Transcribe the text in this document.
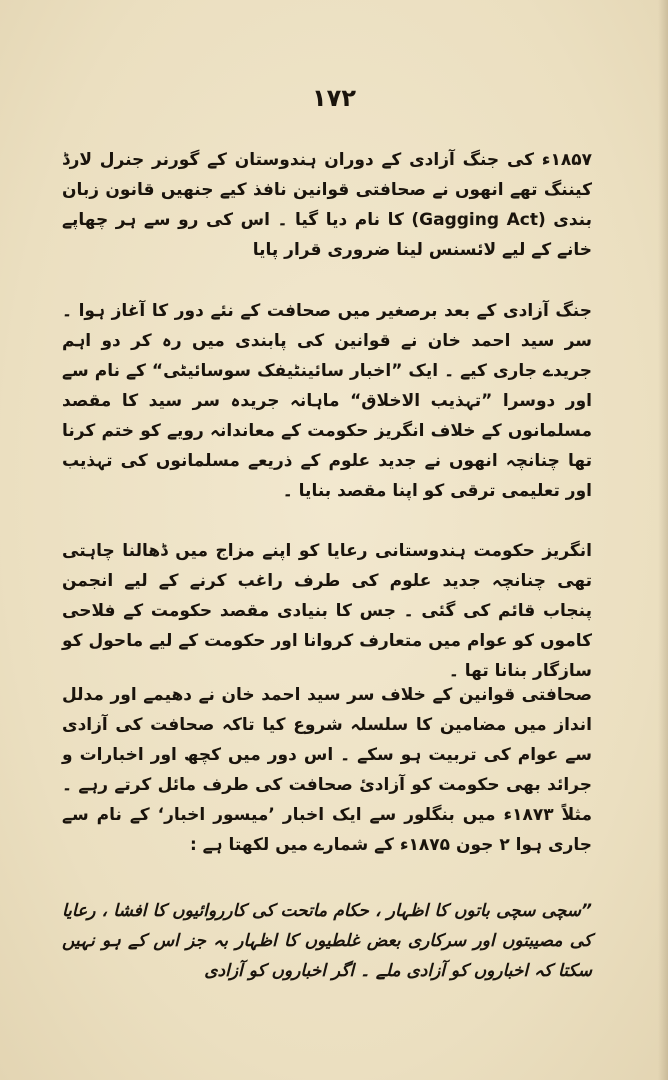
۱۷۲
۱۸۵۷ء کی جنگ آزادی کے دوران ہندوستان کے گورنر جنرل لارڈ کیننگ تھے انھوں نے صحافتی قوانین نافذ کیے جنھیں قانون زبان بندی (Gagging Act) کا نام دیا گیا ۔ اس کی رو سے ہر چھاپے خانے کے لیے لائسنس لینا ضروری قرار پایا
جنگ آزادی کے بعد برصغیر میں صحافت کے نئے دور کا آغاز ہوا ۔ سر سید احمد خان نے قوانین کی پابندی میں رہ کر دو اہم جریدے جاری کیے ۔ ایک ”اخبار سائینٹیفک سوسائیٹی“ کے نام سے اور دوسرا ”تہذیب الاخلاق“ ماہانہ جریدہ سر سید کا مقصد مسلمانوں کے خلاف انگریز حکومت کے معاندانہ رویے کو ختم کرنا تھا چنانچہ انھوں نے جدید علوم کے ذریعے مسلمانوں کی تہذیب اور تعلیمی ترقی کو اپنا مقصد بنایا ۔
انگریز حکومت ہندوستانی رعایا کو اپنے مزاج میں ڈھالنا چاہتی تھی چنانچہ جدید علوم کی طرف راغب کرنے کے لیے انجمن پنجاب قائم کی گئی ۔ جس کا بنیادی مقصد حکومت کے فلاحی کاموں کو عوام میں متعارف کروانا اور حکومت کے لیے ماحول کو سازگار بنانا تھا ۔
صحافتی قوانین کے خلاف سر سید احمد خان نے دھیمے اور مدلل انداز میں مضامین کا سلسلہ شروع کیا تاکہ صحافت کی آزادی سے عوام کی تربیت ہو سکے ۔ اس دور میں کچھ اور اخبارات و جرائد بھی حکومت کو آزادیٔ صحافت کی طرف مائل کرتے رہے ۔ مثلاً ۱۸۷۳ء میں بنگلور سے ایک اخبار ’میسور اخبار‘ کے نام سے جاری ہوا ۲ جون ۱۸۷۵ء کے شمارے میں لکھتا ہے :
”سچی سچی باتوں کا اظہار ، حکام ماتحت کی کارروائیوں کا افشا ، رعایا کی مصیبتوں اور سرکاری بعض غلطیوں کا اظہار بہ جز اس کے ہو نہیں سکتا کہ اخباروں کو آزادی ملے ۔ اگر اخباروں کو آزادی
